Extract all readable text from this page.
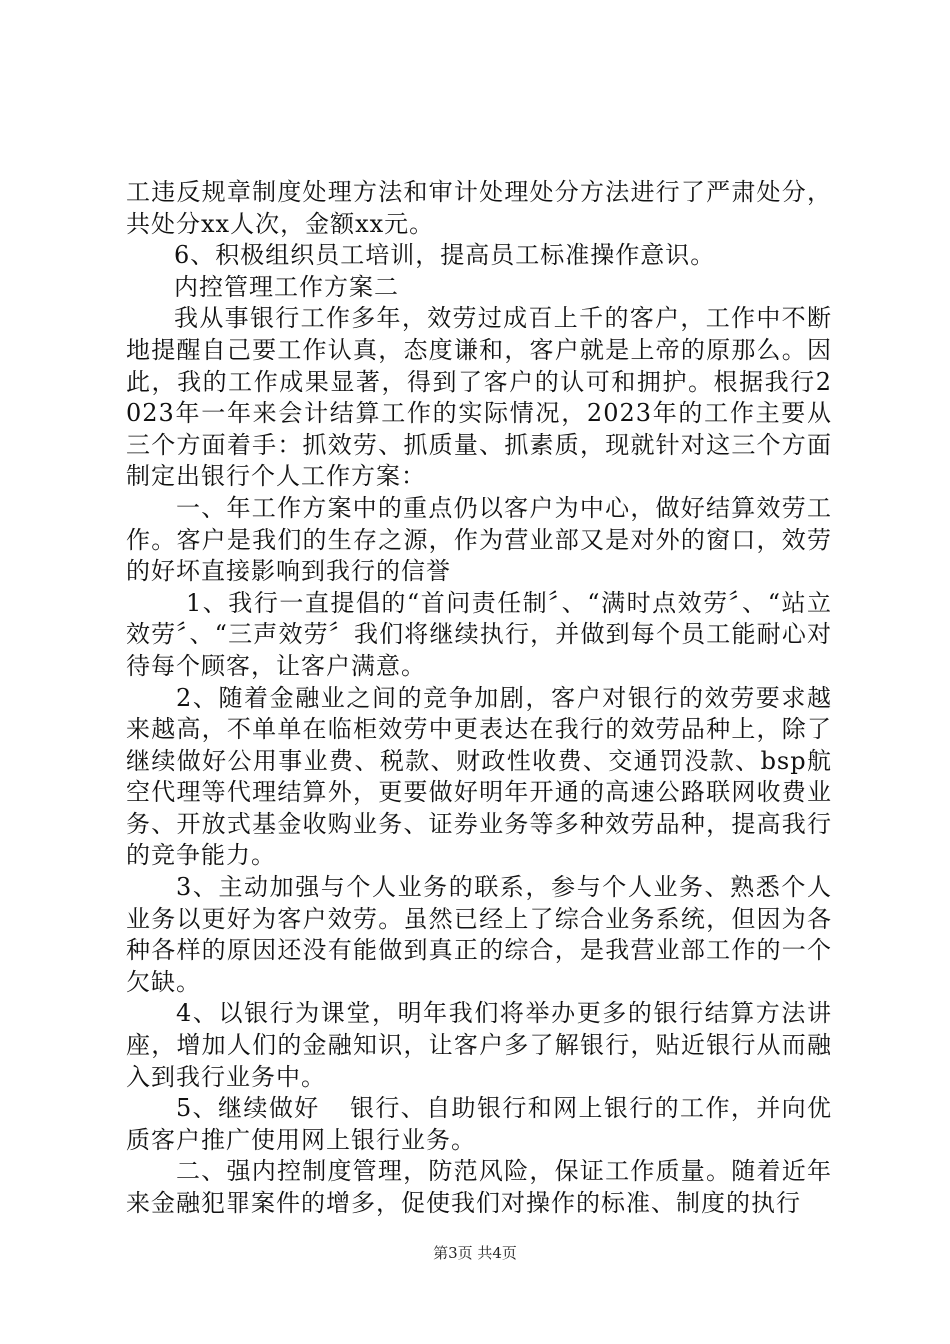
工违反规章制度处理方法和审计处理处分方法进行了严肃处分，共处分xx人次，金额xx元。

6、积极组织员工培训，提高员工标准操作意识。

内控管理工作方案二

我从事银行工作多年，效劳过成百上千的客户，工作中不断地提醒自己要工作认真，态度谦和，客户就是上帝的原那么。因此，我的工作成果显著，得到了客户的认可和拥护。根据我行2023年一年来会计结算工作的实际情况，2023年的工作主要从三个方面着手：抓效劳、抓质量、抓素质，现就针对这三个方面制定出银行个人工作方案：

一、年工作方案中的重点仍以客户为中心，做好结算效劳工作。客户是我们的生存之源，作为营业部又是对外的窗口，效劳的好坏直接影响到我行的信誉

1、我行一直提倡的“首问责任制〞、“满时点效劳〞、“站立效劳〞、“三声效劳〞我们将继续执行，并做到每个员工能耐心对待每个顾客，让客户满意。

2、随着金融业之间的竞争加剧，客户对银行的效劳要求越来越高，不单单在临柜效劳中更表达在我行的效劳品种上，除了继续做好公用事业费、税款、财政性收费、交通罚没款、bsp航空代理等代理结算外，更要做好明年开通的高速公路联网收费业务、开放式基金收购业务、证券业务等多种效劳品种，提高我行的竞争能力。

3、主动加强与个人业务的联系，参与个人业务、熟悉个人业务以更好为客户效劳。虽然已经上了综合业务系统，但因为各种各样的原因还没有能做到真正的综合，是我营业部工作的一个欠缺。

4、以银行为课堂，明年我们将举办更多的银行结算方法讲座，增加人们的金融知识，让客户多了解银行，贴近银行从而融入到我行业务中。

5、继续做好 银行、自助银行和网上银行的工作，并向优质客户推广使用网上银行业务。

二、强内控制度管理，防范风险，保证工作质量。随着近年来金融犯罪案件的增多，促使我们对操作的标准、制度的执行

第3页 共4页
